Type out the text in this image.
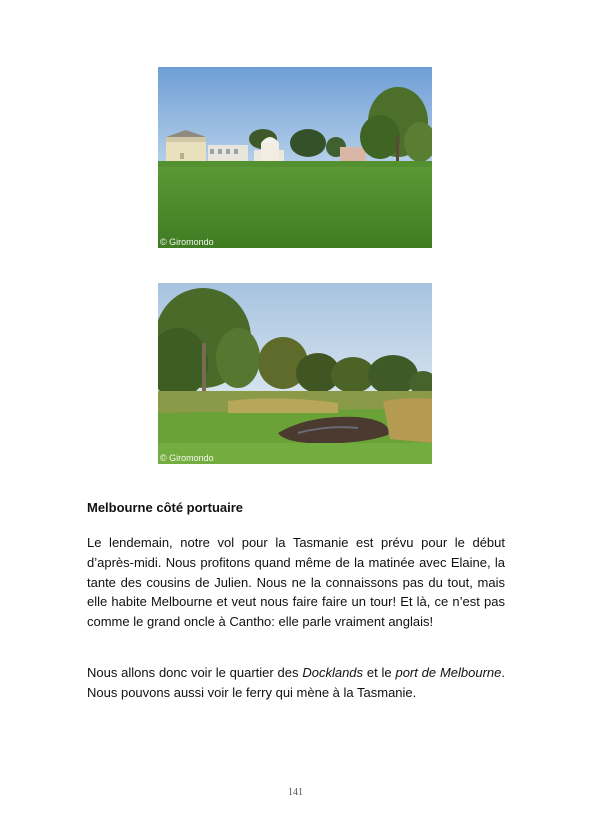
© Giromondo
© Giromondo
Melbourne côté portuaire

Le lendemain, notre vol pour la Tasmanie est prévu pour le début d’après-midi. Nous profitons quand même de la matinée avec Elaine, la tante des cousins de Julien. Nous ne la connaissons pas du tout, mais elle habite Melbourne et veut nous faire faire un tour! Et là, ce n’est pas comme le grand oncle à Cantho: elle parle vraiment anglais!

Nous allons donc voir le quartier des Docklands et le port de Melbourne. Nous pouvons aussi voir le ferry qui mène à la Tasmanie.

141
